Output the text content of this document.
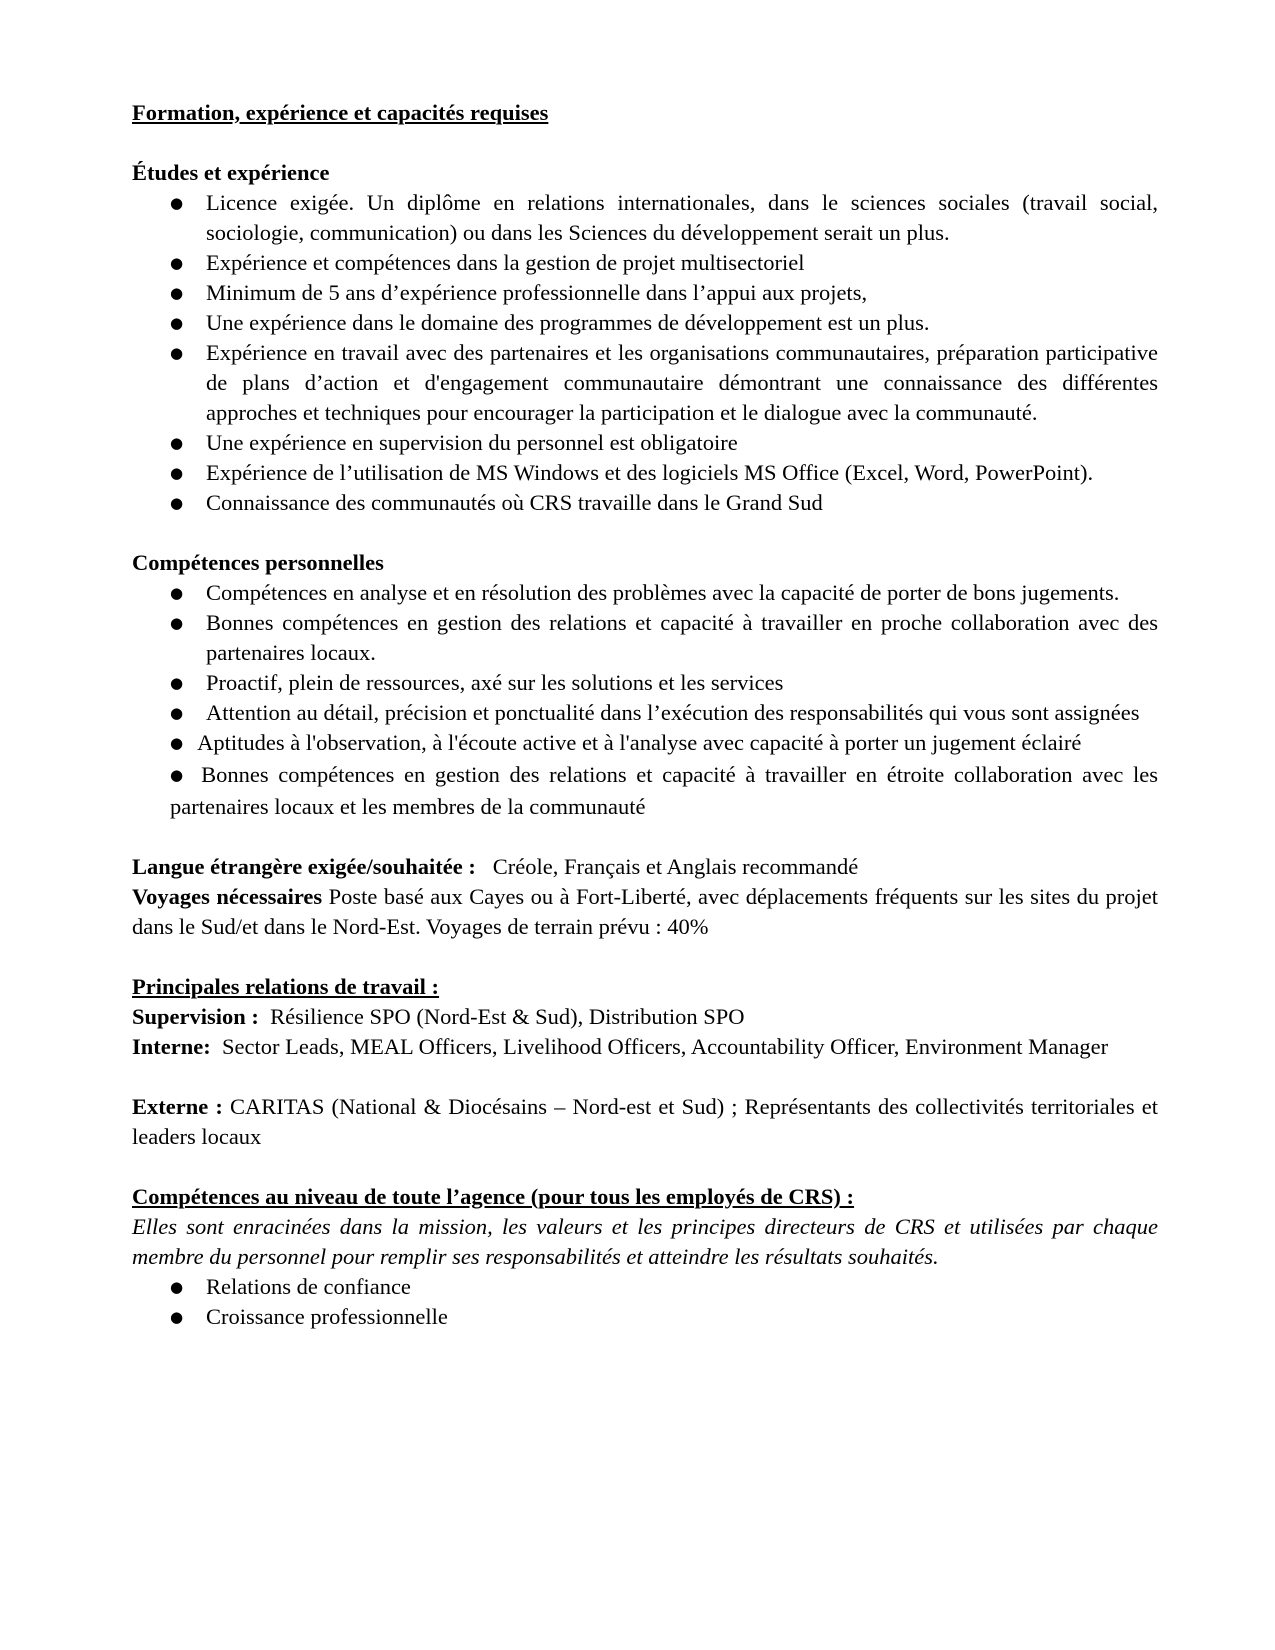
Formation, expérience et capacités requises
Études et expérience
● Licence exigée. Un diplôme en relations internationales, dans le sciences sociales (travail social, sociologie, communication) ou dans les Sciences du développement serait un plus.
● Expérience et compétences dans la gestion de projet multisectoriel
● Minimum de 5 ans d’expérience professionnelle dans l’appui aux projets,
● Une expérience dans le domaine des programmes de développement est un plus.
● Expérience en travail avec des partenaires et les organisations communautaires, préparation participative de plans d’action et d'engagement communautaire démontrant une connaissance des différentes approches et techniques pour encourager la participation et le dialogue avec la communauté.
● Une expérience en supervision du personnel est obligatoire
● Expérience de l’utilisation de MS Windows et des logiciels MS Office (Excel, Word, PowerPoint).
● Connaissance des communautés où CRS travaille dans le Grand Sud
Compétences personnelles
● Compétences en analyse et en résolution des problèmes avec la capacité de porter de bons jugements.
● Bonnes compétences en gestion des relations et capacité à travailler en proche collaboration avec des partenaires locaux.
● Proactif, plein de ressources, axé sur les solutions et les services
● Attention au détail, précision et ponctualité dans l’exécution des responsabilités qui vous sont assignées
● Aptitudes à l'observation, à l'écoute active et à l'analyse avec capacité à porter un jugement éclairé
● Bonnes compétences en gestion des relations et capacité à travailler en étroite collaboration avec les partenaires locaux et les membres de la communauté

Langue étrangère exigée/souhaitée : Créole, Français et Anglais recommandé

Voyages nécessaires Poste basé aux Cayes ou à Fort-Liberté, avec déplacements fréquents sur les sites du projet dans le Sud/et dans le Nord-Est. Voyages de terrain prévu : 40%

Principales relations de travail :

Supervision : Résilience SPO (Nord-Est & Sud), Distribution SPO

Interne: Sector Leads, MEAL Officers, Livelihood Officers, Accountability Officer, Environment Manager

Externe : CARITAS (National & Diocésains – Nord-est et Sud) ; Représentants des collectivités territoriales et leaders locaux

Compétences au niveau de toute l’agence (pour tous les employés de CRS) :

Elles sont enracinées dans la mission, les valeurs et les principes directeurs de CRS et utilisées par chaque membre du personnel pour remplir ses responsabilités et atteindre les résultats souhaités.

● Relations de confiance
● Croissance professionnelle
